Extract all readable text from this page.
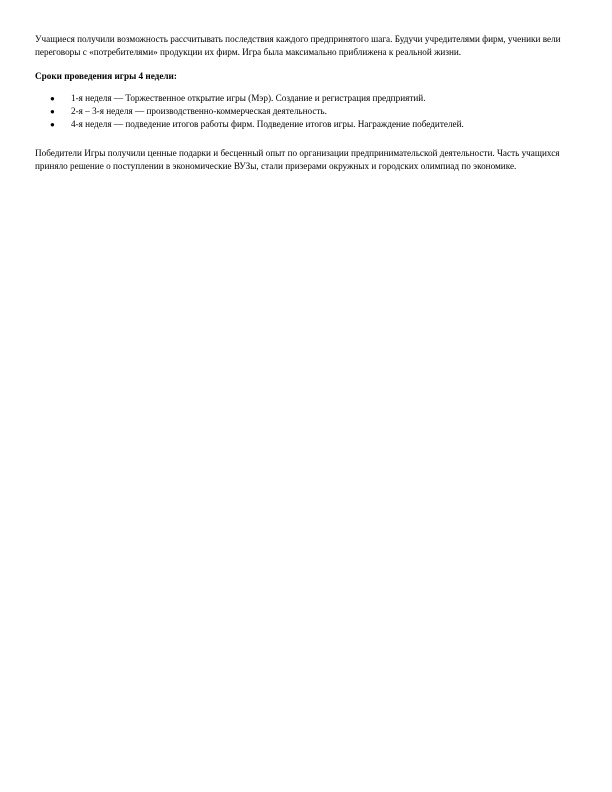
Учащиеся получили возможность рассчитывать последствия каждого предпринятого шага. Будучи учредителями фирм, ученики вели переговоры с «потребителями» продукции их фирм. Игра была максимально приближена к реальной жизни.

Сроки проведения игры 4 недели:

● 1-я неделя — Торжественное открытие игры (Мэр). Создание и регистрация предприятий.
● 2-я – 3-я неделя — производственно-коммерческая деятельность.
● 4-я неделя — подведение итогов работы фирм. Подведение итогов игры. Награждение победителей.

Победители Игры получили ценные подарки и бесценный опыт по организации предпринимательской деятельности. Часть учащихся приняло решение о поступлении в экономические ВУЗы, стали призерами окружных и городских олимпиад по экономике.
